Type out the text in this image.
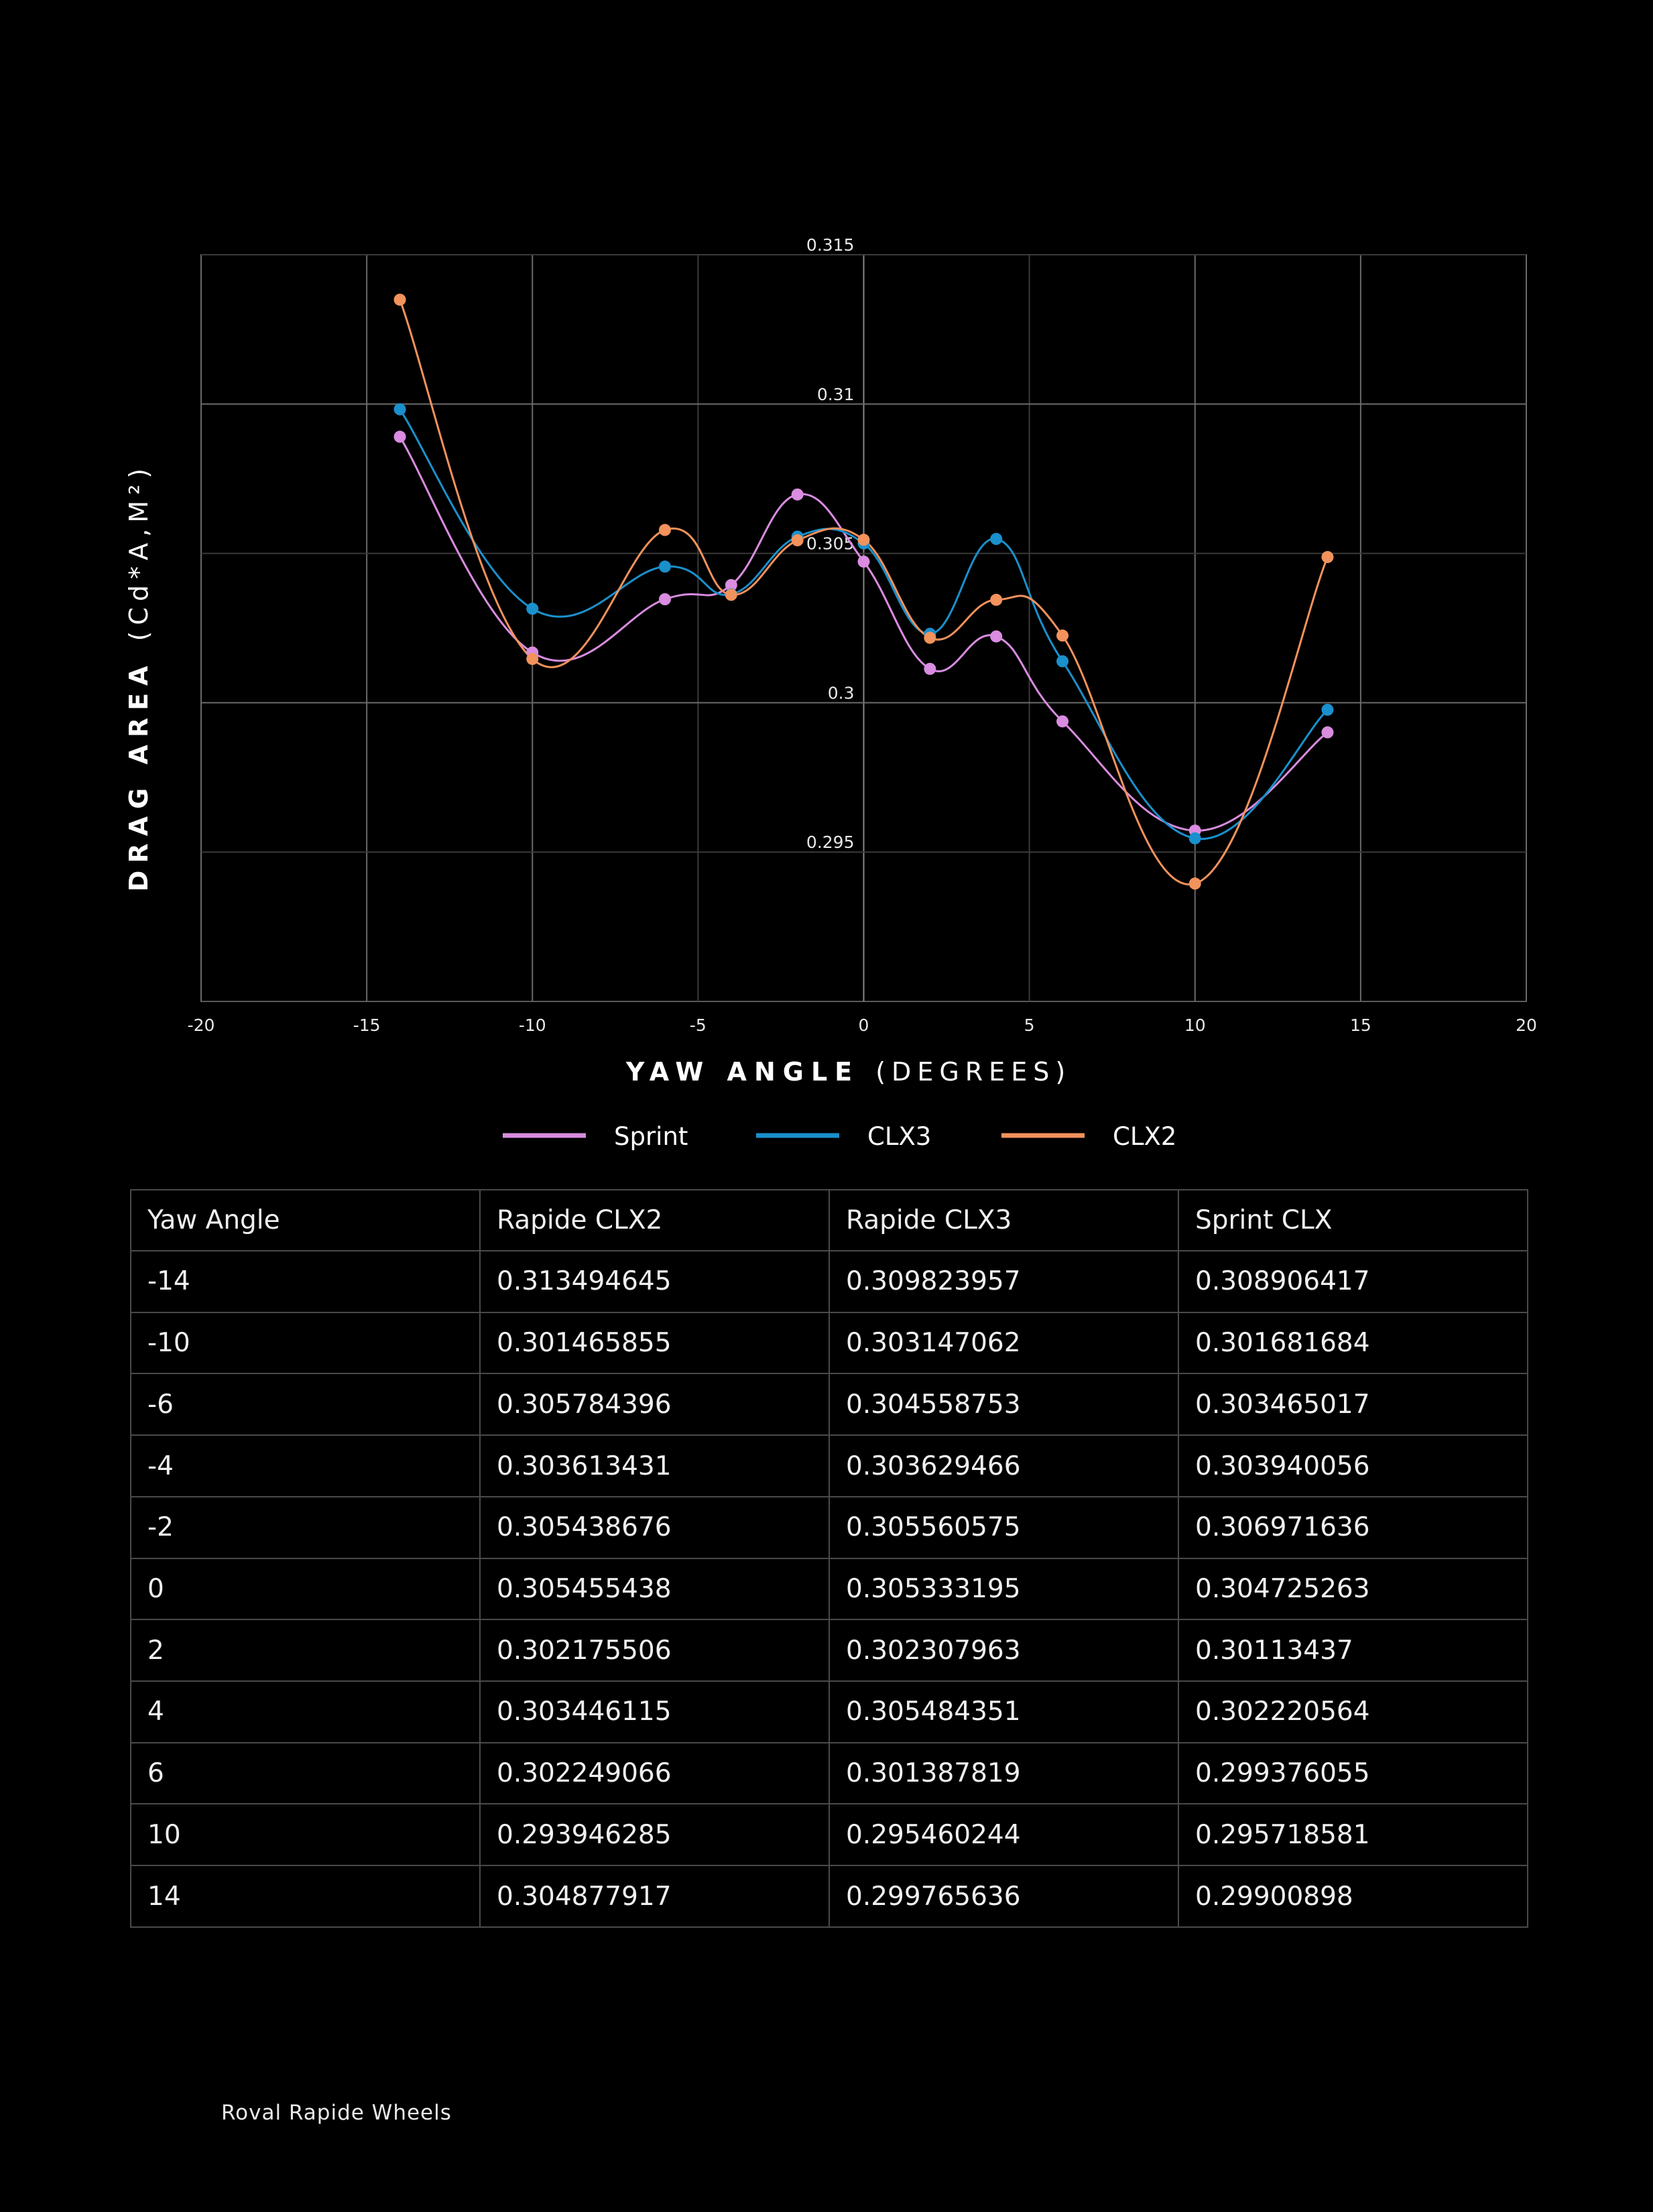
-20	-15	-10	-5	0	5	10	15	20
0.315
0.31
0.305
0.3
0.295
DRAG AREA (Cd*A,M²)
YAW ANGLE (DEGREES)
Sprint	CLX3	CLX2
Yaw Angle	Rapide CLX2	Rapide CLX3	Sprint CLX
-14	0.313494645	0.309823957	0.308906417
-10	0.301465855	0.303147062	0.301681684
-6	0.305784396	0.304558753	0.303465017
-4	0.303613431	0.303629466	0.303940056
-2	0.305438676	0.305560575	0.306971636
0	0.305455438	0.305333195	0.304725263
2	0.302175506	0.302307963	0.30113437
4	0.303446115	0.305484351	0.302220564
6	0.302249066	0.301387819	0.299376055
10	0.293946285	0.295460244	0.295718581
14	0.304877917	0.299765636	0.29900898
Roval Rapide Wheels
